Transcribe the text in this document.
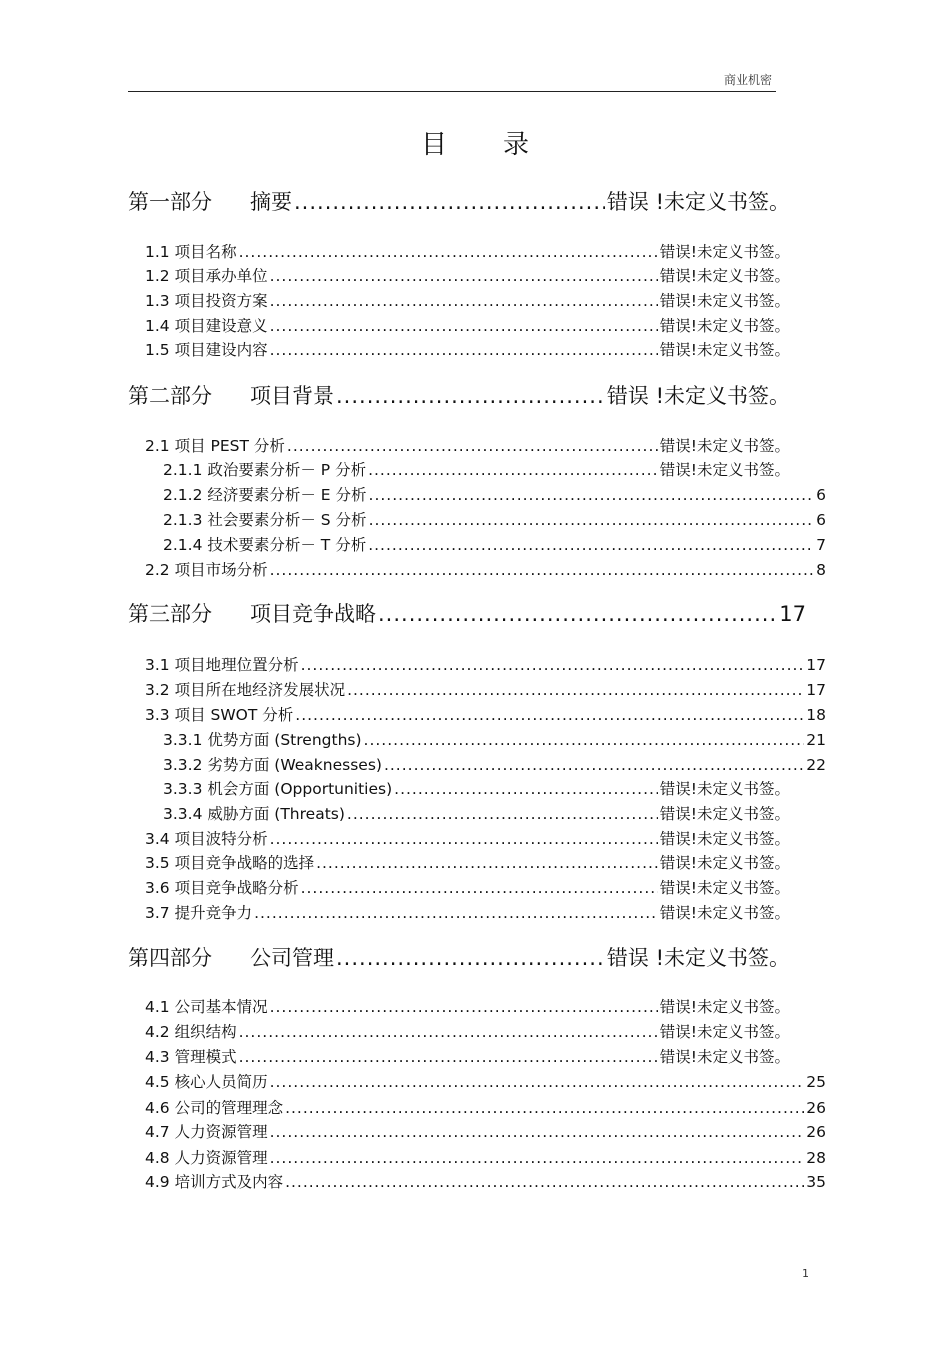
商业机密
目录
第一部分 摘要 .....	错误 !未定义书签。
1.1 项目名称 .....	错误!未定义书签。
1.2 项目承办单位 .....	错误!未定义书签。
1.3 项目投资方案 .....	错误!未定义书签。
1.4 项目建设意义 .....	错误!未定义书签。
1.5 项目建设内容 .....	错误!未定义书签。
第二部分 项目背景 .....	错误 !未定义书签。
2.1 项目 PEST 分析 .....	错误!未定义书签。
2.1.1 政治要素分析－ P 分析 .....	错误!未定义书签。
2.1.2 经济要素分析－ E 分析 .....	6
2.1.3 社会要素分析－ S 分析 .....	6
2.1.4 技术要素分析－ T 分析 .....	7
2.2 项目市场分析 .....	8
第三部分 项目竞争战略 .....	17
3.1 项目地理位置分析 .....	17
3.2 项目所在地经济发展状况 .....	17
3.3 项目 SWOT 分析 .....	18
3.3.1 优势方面 (Strengths) .....	21
3.3.2 劣势方面 (Weaknesses) .....	22
3.3.3 机会方面 (Opportunities) .....	错误!未定义书签。
3.3.4 威胁方面 (Threats) .....	错误!未定义书签。
3.4 项目波特分析 .....	错误!未定义书签。
3.5 项目竞争战略的选择 .....	错误!未定义书签。
3.6 项目竞争战略分析 .....	错误!未定义书签。
3.7 提升竞争力 .....	错误!未定义书签。
第四部分 公司管理 .....	错误 !未定义书签。
4.1 公司基本情况 .....	错误!未定义书签。
4.2 组织结构 .....	错误!未定义书签。
4.3 管理模式 .....	错误!未定义书签。
4.5 核心人员简历 .....	25
4.6 公司的管理理念 .....	26
4.7 人力资源管理 .....	26
4.8 人力资源管理 .....	28
4.9 培训方式及内容 .....	35
1
